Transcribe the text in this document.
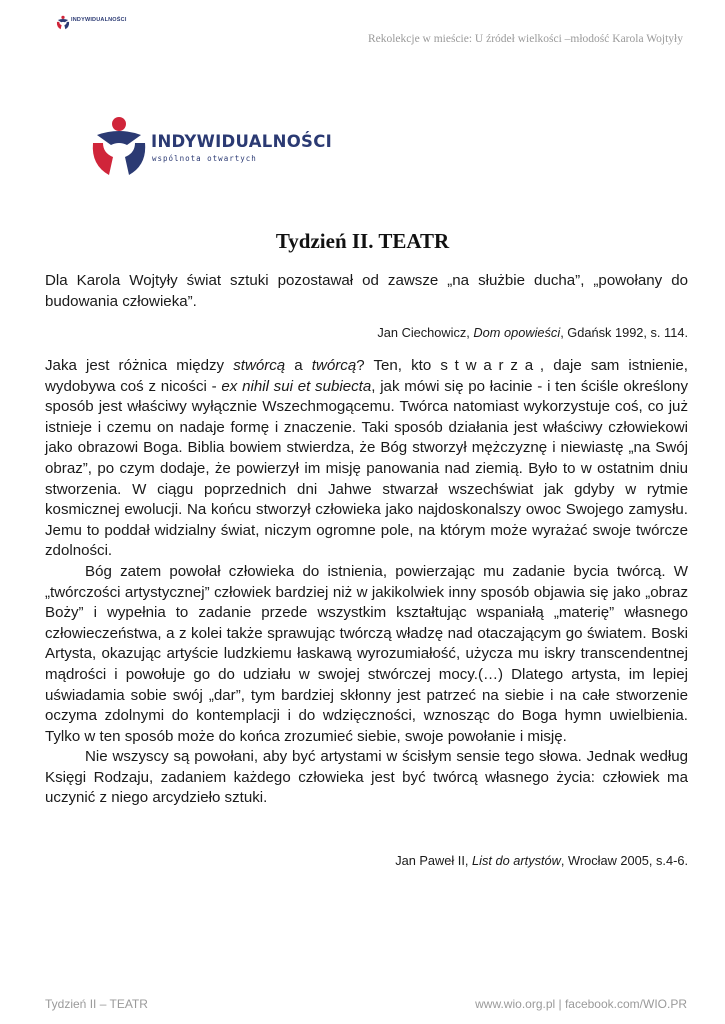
INDYWIDUALNOŚCI
Rekolekcje w mieście: U źródeł wielkości –młodość Karola Wojtyły
INDYWIDUALNOŚCI
wspólnota otwartych
Tydzień II. TEATR

Dla Karola Wojtyły świat sztuki pozostawał od zawsze „na służbie ducha”, „powołany do budowania człowieka”.

Jan Ciechowicz, Dom opowieści, Gdańsk 1992, s. 114.

Jaka jest różnica między stwórcą a twórcą? Ten, kto stwarza, daje sam istnienie, wydobywa coś z nicości - ex nihil sui et subiecta, jak mówi się po łacinie - i ten ściśle określony sposób jest właściwy wyłącznie Wszechmogącemu. Twórca natomiast wykorzystuje coś, co już istnieje i czemu on nadaje formę i znaczenie. Taki sposób działania jest właściwy człowiekowi jako obrazowi Boga. Biblia bowiem stwierdza, że Bóg stworzył mężczyznę i niewiastę „na Swój obraz”, po czym dodaje, że powierzył im misję panowania nad ziemią. Było to w ostatnim dniu stworzenia. W ciągu poprzednich dni Jahwe stwarzał wszechświat jak gdyby w rytmie kosmicznej ewolucji. Na końcu stworzył człowieka jako najdoskonalszy owoc Swojego zamysłu. Jemu to poddał widzialny świat, niczym ogromne pole, na którym może wyrażać swoje twórcze zdolności.

Bóg zatem powołał człowieka do istnienia, powierzając mu zadanie bycia twórcą. W „twórczości artystycznej” człowiek bardziej niż w jakikolwiek inny sposób objawia się jako „obraz Boży” i wypełnia to zadanie przede wszystkim kształtując wspaniałą „materię” własnego człowieczeństwa, a z kolei także sprawując twórczą władzę nad otaczającym go światem. Boski Artysta, okazując artyście ludzkiemu łaskawą wyrozumiałość, użycza mu iskry transcendentnej mądrości i powołuje go do udziału w swojej stwórczej mocy.(…) Dlatego artysta, im lepiej uświadamia sobie swój „dar”, tym bardziej skłonny jest patrzeć na siebie i na całe stworzenie oczyma zdolnymi do kontemplacji i do wdzięczności, wznosząc do Boga hymn uwielbienia. Tylko w ten sposób może do końca zrozumieć siebie, swoje powołanie i misję.

Nie wszyscy są powołani, aby być artystami w ścisłym sensie tego słowa. Jednak według Księgi Rodzaju, zadaniem każdego człowieka jest być twórcą własnego życia: człowiek ma uczynić z niego arcydzieło sztuki.

Jan Paweł II, List do artystów, Wrocław 2005, s.4-6.
Tydzień II – TEATR	www.wio.org.pl | facebook.com/WIO.PR
